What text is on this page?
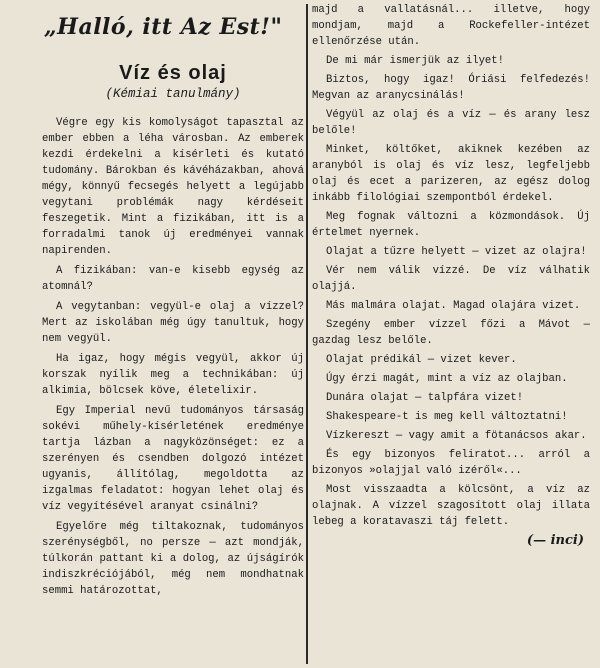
„Halló, itt Az Est!"
Víz és olaj
(Kémiai tanulmány)

Végre egy kis komolyságot tapasztal az ember ebben a léha városban. Az emberek kezdi érdekelni a kísérleti és kutató tudomány. Bárokban és kávéházakban, ahová mégy, könnyű fecsegés helyett a legújabb vegytani problémák nagy kérdéseit feszegetik. Mint a fizikában, itt is a forradalmi tanok új eredményei vannak napirenden.

A fizikában: van-e kisebb egység az atomnál?

A vegytanban: vegyül-e olaj a vízzel? Mert az iskolában még úgy tanultuk, hogy nem vegyül.

Ha igaz, hogy mégis vegyül, akkor új korszak nyílik meg a technikában: új alkimia, bölcsek köve, életelixir.

Egy Imperial nevű tudományos társaság sokévi műhely-kísérletének eredménye tartja lázban a nagyközönséget: ez a szerényen és csendben dolgozó intézet ugyanis, állítólag, megoldotta az izgalmas feladatot: hogyan lehet olaj és víz vegyítésével aranyat csinálni?

Egyelőre még tiltakoznak, tudományos szerénységből, no persze — azt mondják, túlkorán pattant ki a dolog, az újságírók indiszkréciójából, még nem mondhatnak semmi határozottat,

majd a vallatásnál... illetve, hogy mondjam, majd a Rockefeller-intézet ellenőrzése után.

De mi már ismerjük az ilyet!

Biztos, hogy igaz! Óriási felfedezés! Megvan az aranycsinálás!

Végyül az olaj és a víz — és arany lesz belőle!

Minket, költőket, akiknek kezében az aranyból is olaj és víz lesz, legfeljebb olaj és ecet a parizeren, az egész dolog inkább filológiai szempontból érdekel.

Meg fognak változni a közmondások. Új értelmet nyernek.

Olajat a tűzre helyett — vizet az olajra!

Vér nem válik vízzé. De víz válhatik olajjá.

Más malmára olajat. Magad olajára vizet.

Szegény ember vízzel főzi a Mávot — gazdag lesz belőle.

Olajat prédikál — vizet kever.

Úgy érzi magát, mint a víz az olajban.

Dunára olajat — talpfára vizet!

Shakespeare-t is meg kell változtatni!

Vízkereszt — vagy amit a fötanácsos akar.

És egy bizonyos feliratot... arról a bizonyos »olajjal való izéről«...

Most visszaadta a kölcsönt, a víz az olajnak. A vízzel szagosított olaj illata lebeg a koratavaszi táj felett.

(— inci)
